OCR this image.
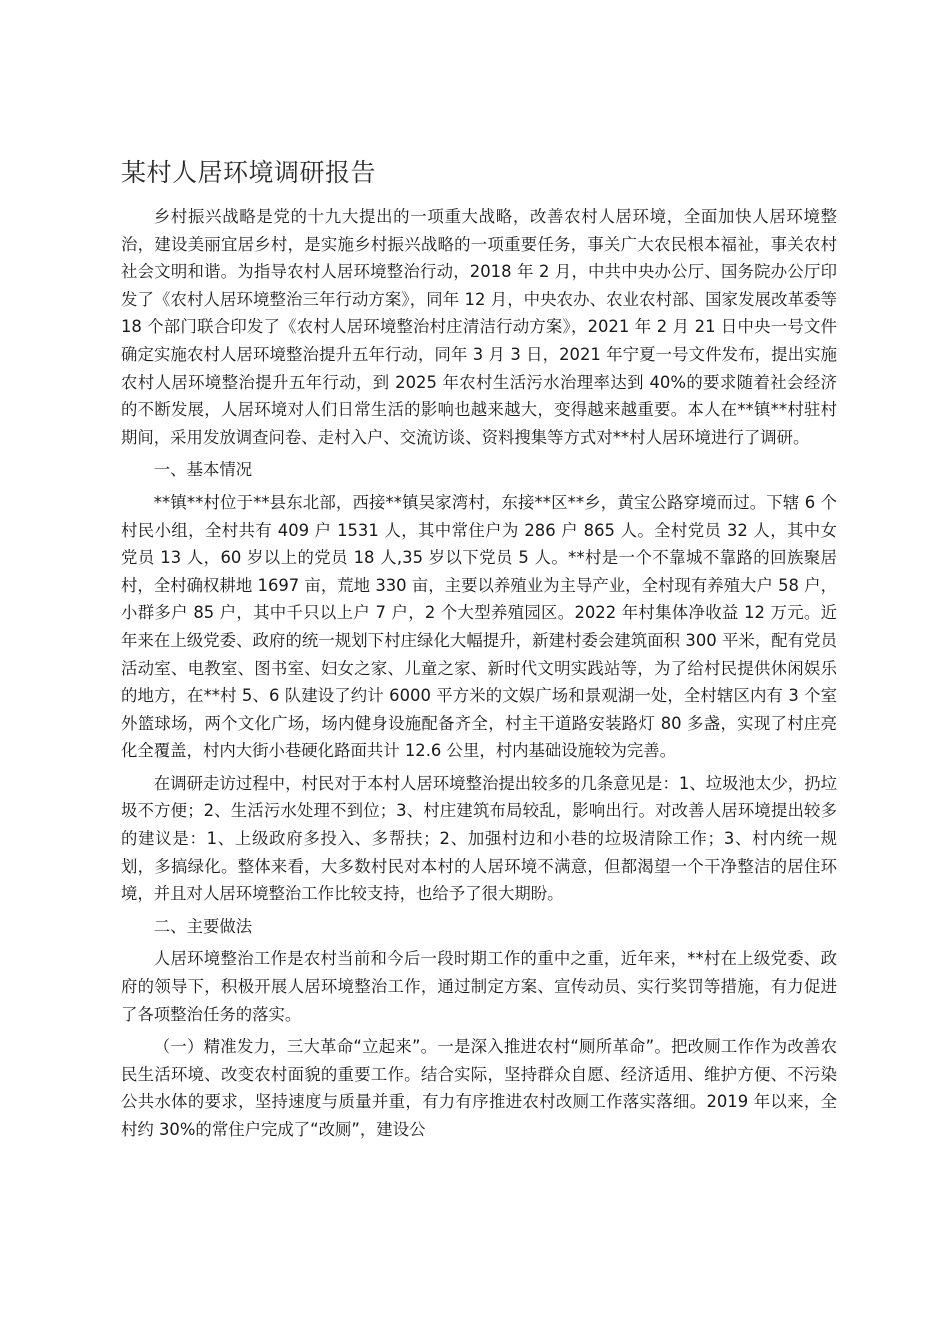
某村人居环境调研报告

乡村振兴战略是党的十九大提出的一项重大战略，改善农村人居环境，全面加快人居环境整治，建设美丽宜居乡村，是实施乡村振兴战略的一项重要任务，事关广大农民根本福祉，事关农村社会文明和谐。为指导农村人居环境整治行动，2018 年 2 月，中共中央办公厅、国务院办公厅印发了《农村人居环境整治三年行动方案》，同年 12 月，中央农办、农业农村部、国家发展改革委等 18 个部门联合印发了《农村人居环境整治村庄清洁行动方案》，2021 年 2 月 21 日中央一号文件确定实施农村人居环境整治提升五年行动，同年 3 月 3 日，2021 年宁夏一号文件发布，提出实施农村人居环境整治提升五年行动，到 2025 年农村生活污水治理率达到 40%的要求随着社会经济的不断发展，人居环境对人们日常生活的影响也越来越大，变得越来越重要。本人在**镇**村驻村期间，采用发放调查问卷、走村入户、交流访谈、资料搜集等方式对**村人居环境进行了调研。

一、基本情况

**镇**村位于**县东北部，西接**镇吴家湾村，东接**区**乡，黄宝公路穿境而过。下辖 6 个村民小组，全村共有 409 户 1531 人，其中常住户为 286 户 865 人。全村党员 32 人，其中女党员 13 人，60 岁以上的党员 18 人,35 岁以下党员 5 人。**村是一个不靠城不靠路的回族聚居村，全村确权耕地 1697 亩，荒地 330 亩，主要以养殖业为主导产业，全村现有养殖大户 58 户，小群多户 85 户，其中千只以上户 7 户，2 个大型养殖园区。2022 年村集体净收益 12 万元。近年来在上级党委、政府的统一规划下村庄绿化大幅提升，新建村委会建筑面积 300 平米，配有党员活动室、电教室、图书室、妇女之家、儿童之家、新时代文明实践站等，为了给村民提供休闲娱乐的地方，在**村 5、6 队建设了约计 6000 平方米的文娱广场和景观湖一处，全村辖区内有 3 个室外篮球场，两个文化广场，场内健身设施配备齐全，村主干道路安装路灯 80 多盏，实现了村庄亮化全覆盖，村内大街小巷硬化路面共计 12.6 公里，村内基础设施较为完善。

在调研走访过程中，村民对于本村人居环境整治提出较多的几条意见是：1、垃圾池太少，扔垃圾不方便；2、生活污水处理不到位；3、村庄建筑布局较乱，影响出行。对改善人居环境提出较多的建议是：1、上级政府多投入、多帮扶；2、加强村边和小巷的垃圾清除工作；3、村内统一规划，多搞绿化。整体来看，大多数村民对本村的人居环境不满意，但都渴望一个干净整洁的居住环境，并且对人居环境整治工作比较支持，也给予了很大期盼。

二、主要做法

人居环境整治工作是农村当前和今后一段时期工作的重中之重，近年来，**村在上级党委、政府的领导下，积极开展人居环境整治工作，通过制定方案、宣传动员、实行奖罚等措施，有力促进了各项整治任务的落实。

（一）精准发力，三大革命“立起来”。一是深入推进农村“厕所革命”。把改厕工作作为改善农民生活环境、改变农村面貌的重要工作。结合实际，坚持群众自愿、经济适用、维护方便、不污染公共水体的要求，坚持速度与质量并重，有力有序推进农村改厕工作落实落细。2019 年以来，全村约 30%的常住户完成了“改厕”，建设公
